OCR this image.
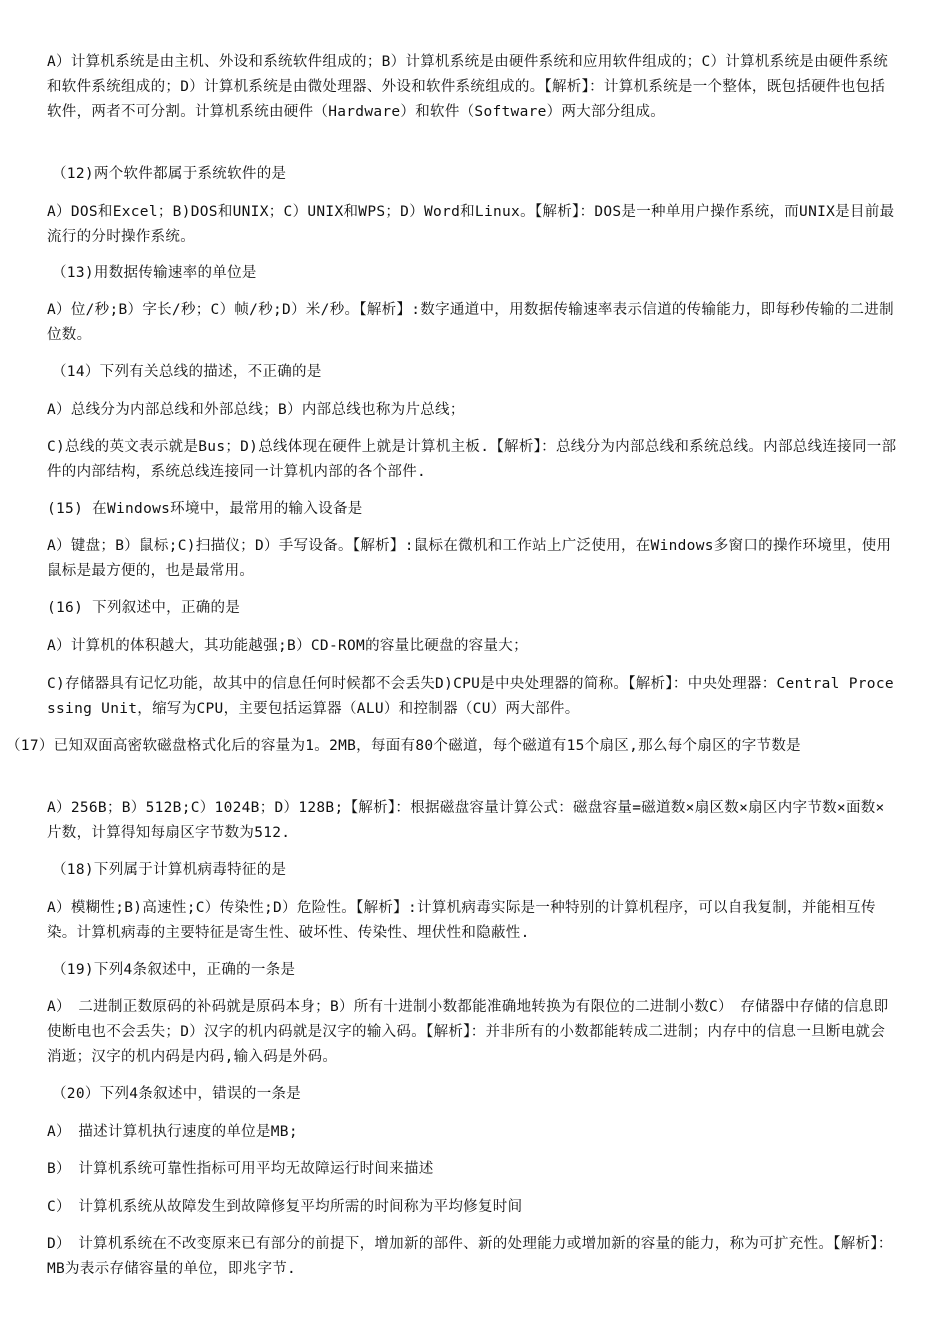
A）计算机系统是由主机、外设和系统软件组成的；B）计算机系统是由硬件系统和应用软件组成的；C）计算机系统是由硬件系统和软件系统组成的；D）计算机系统是由微处理器、外设和软件系统组成的。【解析】：计算机系统是一个整体，既包括硬件也包括软件，两者不可分割。计算机系统由硬件（Hardware）和软件（Software）两大部分组成。
（12)两个软件都属于系统软件的是
A）DOS和Excel；B)DOS和UNIX；C）UNIX和WPS；D）Word和Linux。【解析】：DOS是一种单用户操作系统，而UNIX是目前最流行的分时操作系统。
（13)用数据传输速率的单位是
A）位/秒;B）字长/秒；C）帧/秒;D）米/秒。【解析】:数字通道中，用数据传输速率表示信道的传输能力，即每秒传输的二进制位数。
（14）下列有关总线的描述，不正确的是
A）总线分为内部总线和外部总线；B）内部总线也称为片总线；
C)总线的英文表示就是Bus；D)总线体现在硬件上就是计算机主板.【解析】：总线分为内部总线和系统总线。内部总线连接同一部件的内部结构，系统总线连接同一计算机内部的各个部件.
(15) 在Windows环境中，最常用的输入设备是
A）键盘；B）鼠标;C)扫描仪；D）手写设备。【解析】:鼠标在微机和工作站上广泛使用，在Windows多窗口的操作环境里，使用鼠标是最方便的，也是最常用。
(16) 下列叙述中，正确的是
A）计算机的体积越大，其功能越强;B）CD-ROM的容量比硬盘的容量大；
C)存储器具有记忆功能，故其中的信息任何时候都不会丢失D)CPU是中央处理器的简称。【解析】：中央处理器：Central Processing Unit，缩写为CPU，主要包括运算器（ALU）和控制器（CU）两大部件。
（17）已知双面高密软磁盘格式化后的容量为1。2MB，每面有80个磁道，每个磁道有15个扇区,那么每个扇区的字节数是
A）256B；B）512B;C）1024B；D）128B;【解析】：根据磁盘容量计算公式：磁盘容量=磁道数×扇区数×扇区内字节数×面数×片数，计算得知每扇区字节数为512.
（18)下列属于计算机病毒特征的是
A）模糊性;B)高速性;C）传染性;D）危险性。【解析】:计算机病毒实际是一种特别的计算机程序，可以自我复制，并能相互传染。计算机病毒的主要特征是寄生性、破坏性、传染性、埋伏性和隐蔽性.
（19)下列4条叙述中，正确的一条是
A）　二进制正数原码的补码就是原码本身；B）所有十进制小数都能准确地转换为有限位的二进制小数C）　存储器中存储的信息即使断电也不会丢失；D）汉字的机内码就是汉字的输入码。【解析】：并非所有的小数都能转成二进制；内存中的信息一旦断电就会消逝；汉字的机内码是内码,输入码是外码。
（20）下列4条叙述中，错误的一条是
A）　描述计算机执行速度的单位是MB;
B）　计算机系统可靠性指标可用平均无故障运行时间来描述
C）　计算机系统从故障发生到故障修复平均所需的时间称为平均修复时间
D）　计算机系统在不改变原来已有部分的前提下，增加新的部件、新的处理能力或增加新的容量的能力，称为可扩充性。【解析】：MB为表示存储容量的单位，即兆字节.
